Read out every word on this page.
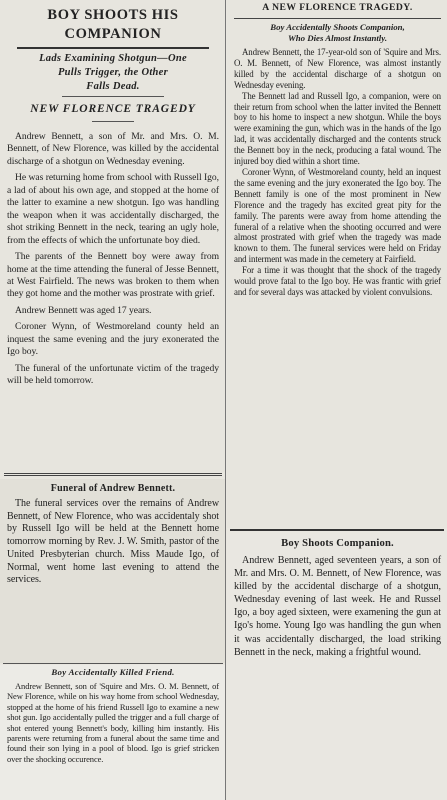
BOY SHOOTS HIS COMPANION
Lads Examining Shotgun—One
Pulls Trigger, the Other
Falls Dead.
NEW FLORENCE TRAGEDY

Andrew Bennett, a son of Mr. and Mrs. O. M. Bennett, of New Florence, was killed by the accidental discharge of a shotgun on Wednesday evening.

He was returning home from school with Russell Igo, a lad of about his own age, and stopped at the home of the latter to examine a new shotgun. Igo was handling the weapon when it was accidentally discharged, the shot striking Bennett in the neck, tearing an ugly hole, from the effects of which the unfortunate boy died.

The parents of the Bennett boy were away from home at the time attending the funeral of Jesse Bennett, at West Fairfield. The news was broken to them when they got home and the mother was prostrate with grief.

Andrew Bennett was aged 17 years.

Coroner Wynn, of Westmoreland county held an inquest the same evening and the jury exonerated the Igo boy.

The funeral of the unfortunate victim of the tragedy will be held tomorrow.

Funeral of Andrew Bennett.

The funeral services over the remains of Andrew Bennett, of New Florence, who was accidentaly shot by Russell Igo will be held at the Bennett home tomorrow morning by Rev. J. W. Smith, pastor of the United Presbyterian church. Miss Maude Igo, of Normal, went home last evening to attend the services.

Boy Accidentally Killed Friend.

Andrew Bennett, son of 'Squire and Mrs. O. M. Bennett, of New Florence, while on his way home from school Wednesday, stopped at the home of his friend Russell Igo to examine a new shot gun. Igo accidentally pulled the trigger and a full charge of shot entered young Bennett's body, killing him instantly. His parents were returning from a funeral about the same time and found their son lying in a pool of blood. Igo is grief stricken over the shocking occurence.

A NEW FLORENCE TRAGEDY.
Boy Accidentally Shoots Companion,
Who Dies Almost Instantly.

Andrew Bennett, the 17-year-old son of 'Squire and Mrs. O. M. Bennett, of New Florence, was almost instantly killed by the accidental discharge of a shotgun on Wednesday evening.

The Bennett lad and Russell Igo, a companion, were on their return from school when the latter invited the Bennett boy to his home to inspect a new shotgun. While the boys were examining the gun, which was in the hands of the Igo lad, it was accidentally discharged and the contents struck the Bennett boy in the neck, producing a fatal wound. The injured boy died within a short time.

Coroner Wynn, of Westmoreland county, held an inquest the same evening and the jury exonerated the Igo boy. The Bennett family is one of the most prominent in New Florence and the tragedy has excited great pity for the family. The parents were away from home attending the funeral of a relative when the shooting occurred and were almost prostrated with grief when the tragedy was made known to them. The funeral services were held on Friday and interment was made in the cemetery at Fairfield.

For a time it was thought that the shock of the tragedy would prove fatal to the Igo boy. He was frantic with grief and for several days was attacked by violent convulsions.

Boy Shoots Companion.

Andrew Bennett, aged seventeen years, a son of Mr. and Mrs. O. M. Bennett, of New Florence, was killed by the accidental discharge of a shotgun, Wednesday evening of last week. He and Russel Igo, a boy aged sixteen, were examening the gun at Igo's home. Young Igo was handling the gun when it was accidentally discharged, the load striking Bennett in the neck, making a frightful wound.
